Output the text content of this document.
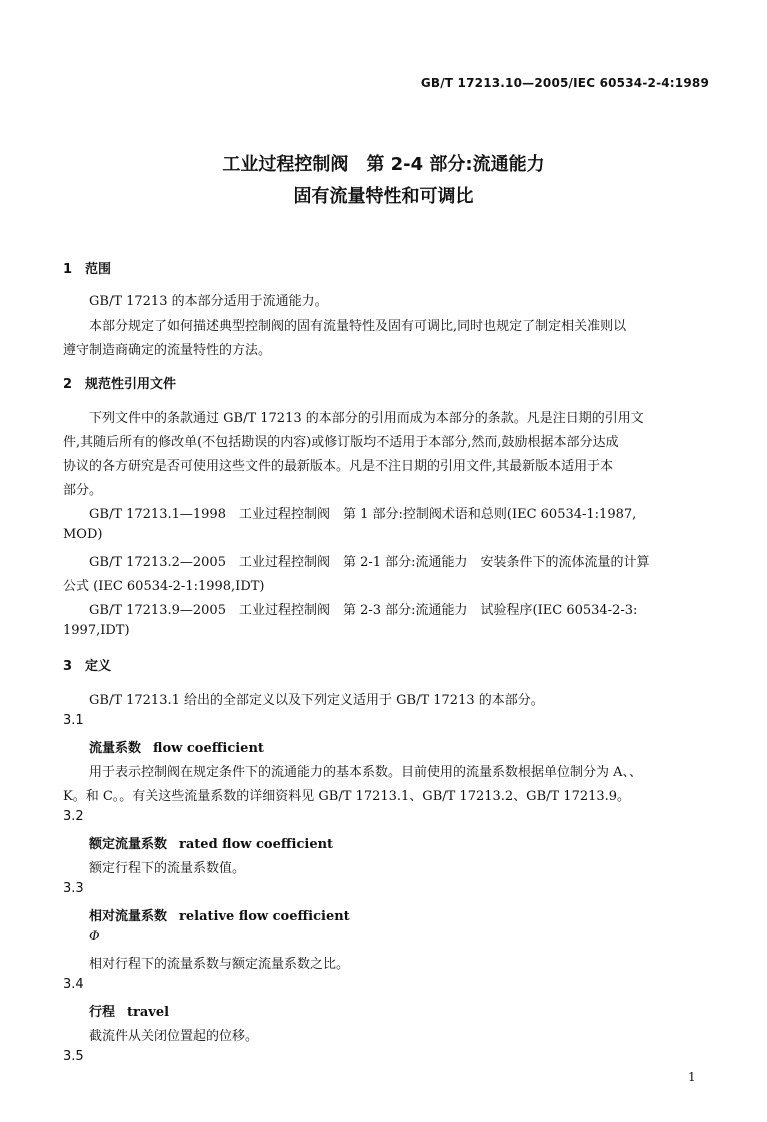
GB/T 17213.10—2005/IEC 60534-2-4:1989
工业过程控制阀　第 2-4 部分:流通能力
固有流量特性和可调比
1 范围
GB/T 17213 的本部分适用于流通能力。
本部分规定了如何描述典型控制阀的固有流量特性及固有可调比,同时也规定了制定相关准则以
遵守制造商确定的流量特性的方法。
2 规范性引用文件
下列文件中的条款通过 GB/T 17213 的本部分的引用而成为本部分的条款。凡是注日期的引用文
件,其随后所有的修改单(不包括勘误的内容)或修订版均不适用于本部分,然而,鼓励根据本部分达成
协议的各方研究是否可使用这些文件的最新版本。凡是不注日期的引用文件,其最新版本适用于本
部分。
GB/T 17213.1—1998　工业过程控制阀　第 1 部分:控制阀术语和总则(IEC 60534-1:1987,
MOD)
GB/T 17213.2—2005　工业过程控制阀　第 2-1 部分:流通能力　安装条件下的流体流量的计算
公式 (IEC 60534-2-1:1998,IDT)
GB/T 17213.9—2005　工业过程控制阀　第 2-3 部分:流通能力　试验程序(IEC 60534-2-3:
1997,IDT)
3 定义
GB/T 17213.1 给出的全部定义以及下列定义适用于 GB/T 17213 的本部分。
3.1
流量系数 flow coefficient
用于表示控制阀在规定条件下的流通能力的基本系数。目前使用的流量系数根据单位制分为 A、、
K。和 C。。有关这些流量系数的详细资料见 GB/T 17213.1、GB/T 17213.2、GB/T 17213.9。
3.2
额定流量系数 rated flow coefficient
额定行程下的流量系数值。
3.3
相对流量系数 relative flow coefficient
Φ
相对行程下的流量系数与额定流量系数之比。
3.4
行程 travel
截流件从关闭位置起的位移。
3.5
1
